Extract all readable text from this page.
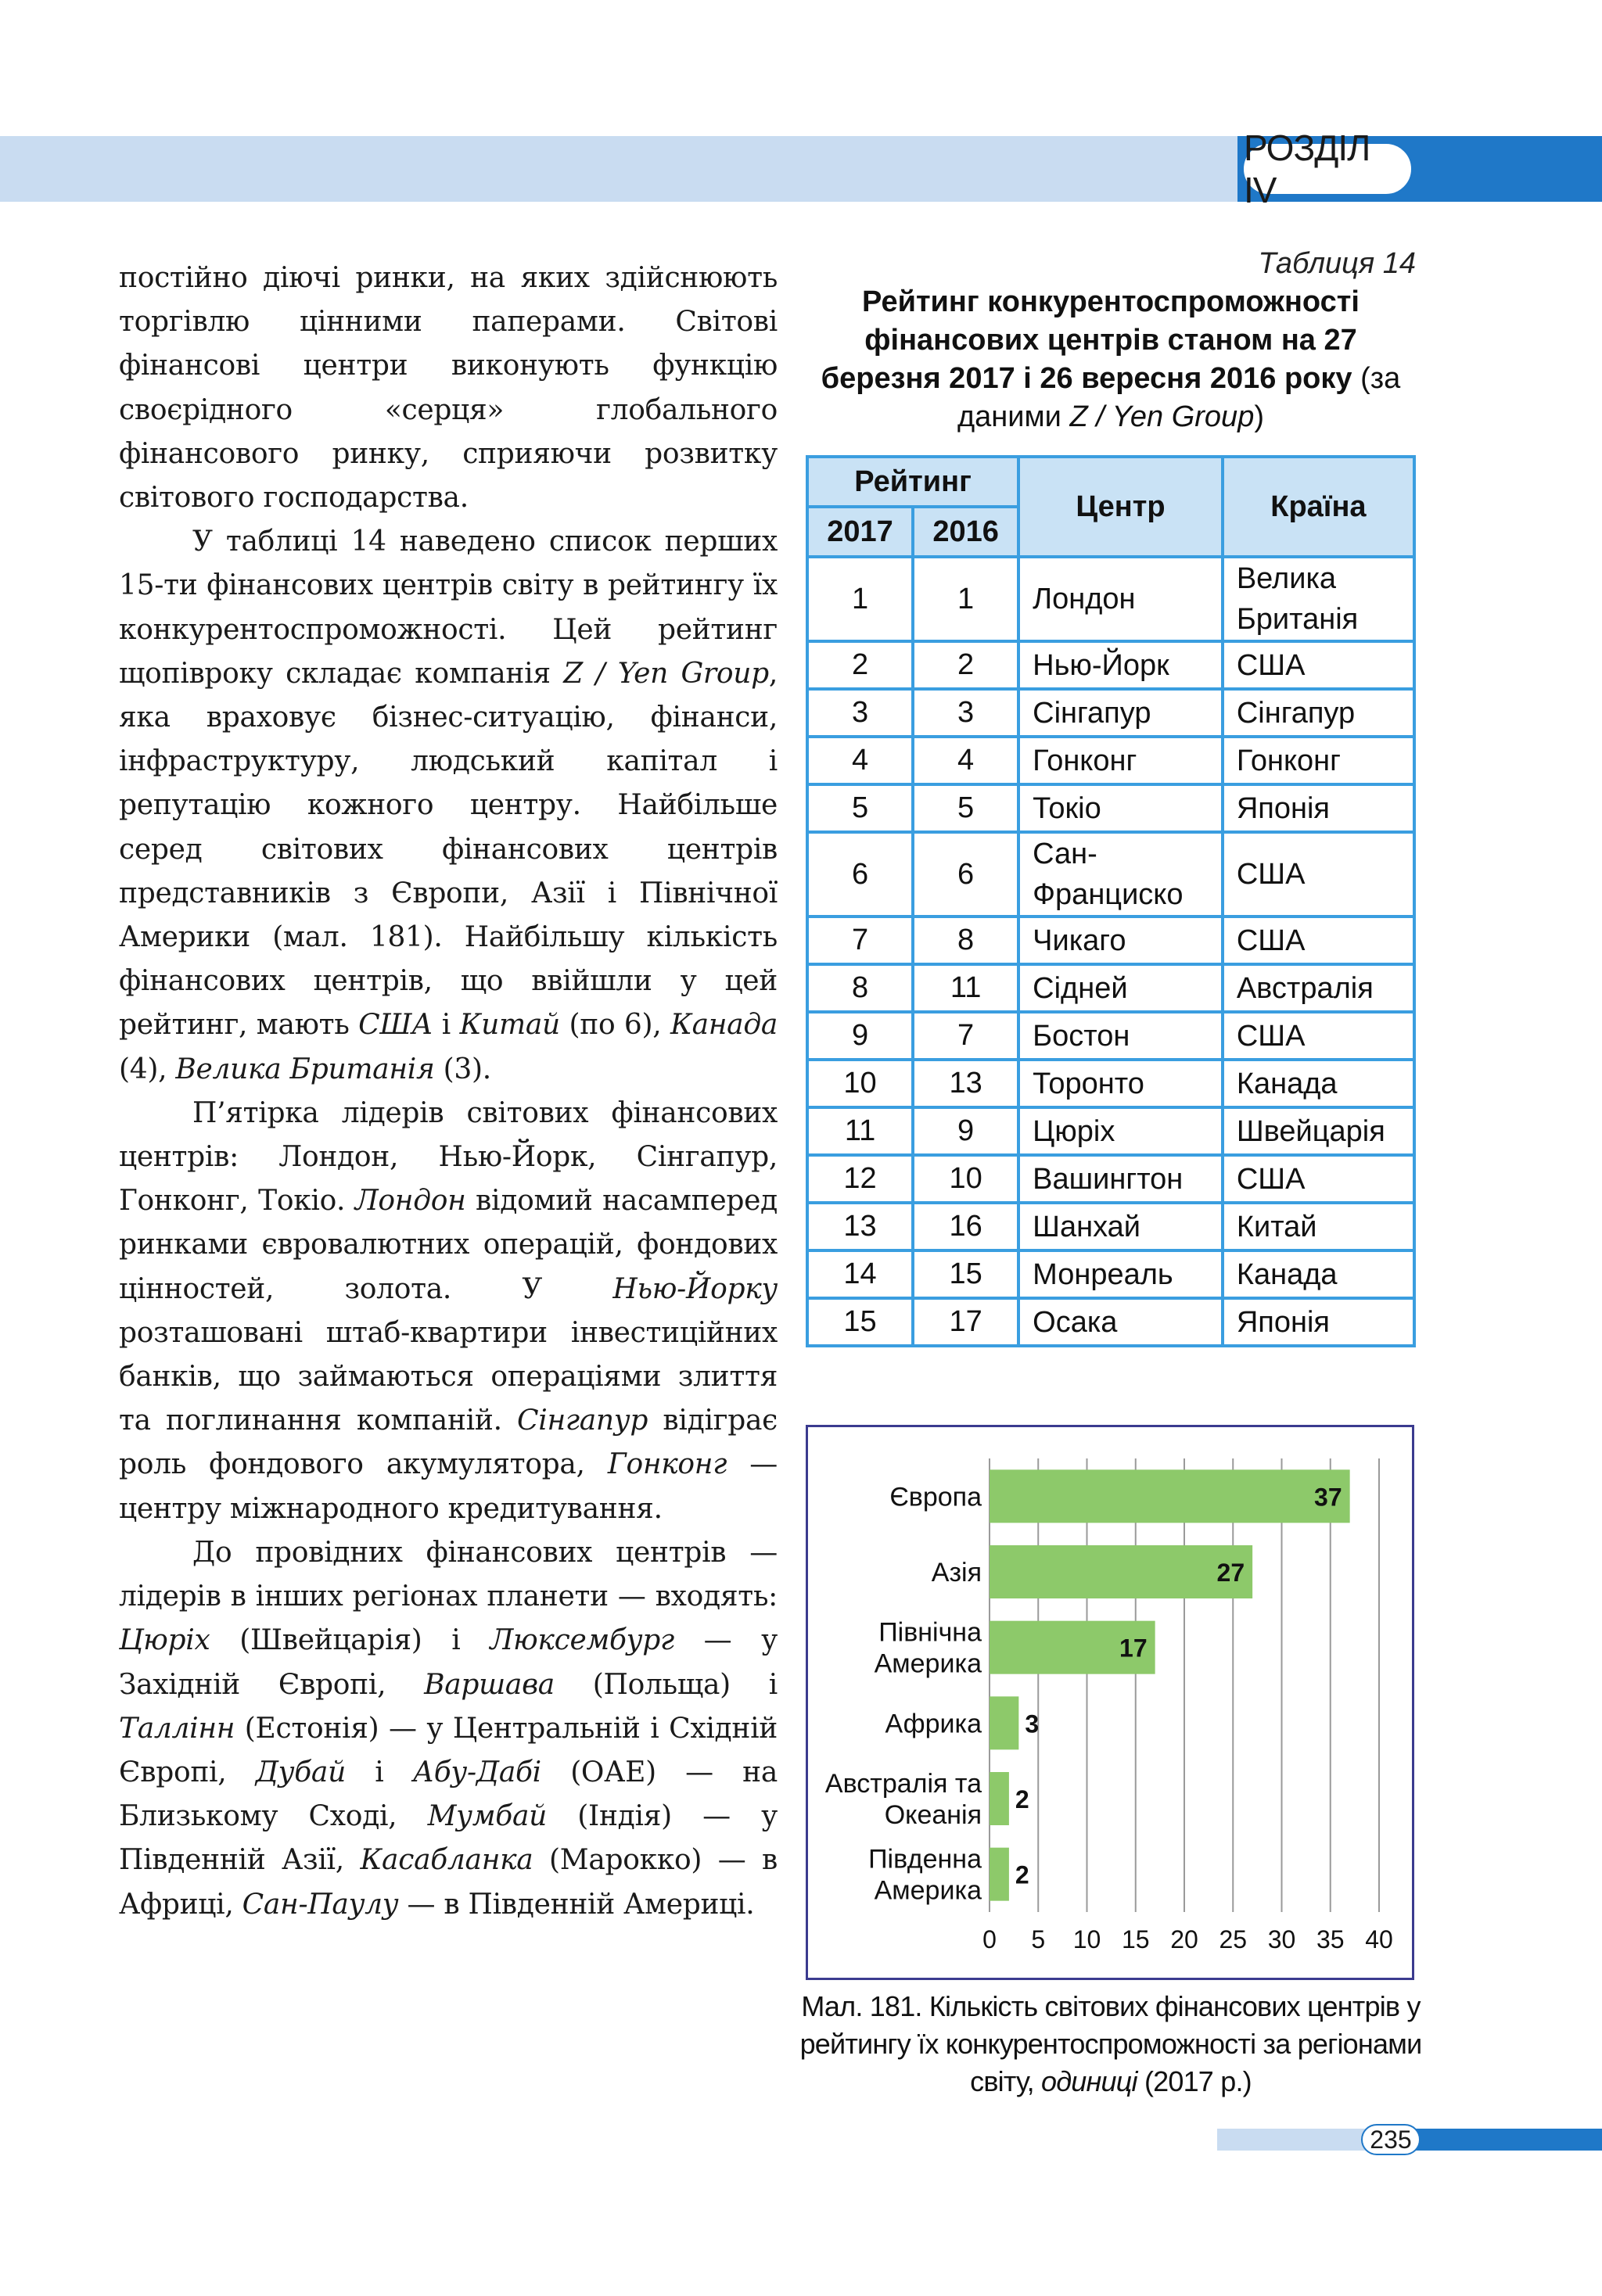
РОЗДІЛ IV

постійно діючі ринки, на яких здійснюють торгівлю цінними паперами. Світові фінансові центри виконують функцію своєрідного «серця» глобального фінансового ринку, сприяючи розвитку світового господарства.

У таблиці 14 наведено список перших 15-ти фінансових центрів світу в рейтингу їх конкурентоспроможності. Цей рейтинг щопівроку складає компанія Z / Yen Group, яка враховує бізнес-ситуацію, фінанси, інфраструктуру, людський капітал і репутацію кожного центру. Найбільше серед світових фінансових центрів представників з Європи, Азії і Північної Америки (мал. 181). Найбільшу кількість фінансових центрів, що ввійшли у цей рейтинг, мають США і Китай (по 6), Канада (4), Велика Британія (3).

П’ятірка лідерів світових фінансових центрів: Лондон, Нью-Йорк, Сінгапур, Гонконг, Токіо. Лондон відомий насамперед ринками євровалютних операцій, фондових цінностей, золота. У Нью-Йорку розташовані штаб-квартири інвестиційних банків, що займаються операціями злиття та поглинання компаній. Сінгапур відіграє роль фондового акумулятора, Гонконг — центру міжнародного кредитування.

До провідних фінансових центрів — лідерів в інших регіонах планети — входять: Цюріх (Швейцарія) і Люксембург — у Західній Європі, Варшава (Польща) і Таллінн (Естонія) — у Центральній і Східній Європі, Дубай і Абу-Дабі (ОАЕ) — на Близькому Сході, Мумбай (Індія) — у Південній Азії, Касабланка (Марокко) — в Африці, Сан-Паулу — в Південній Америці.

Таблиця 14
Рейтинг конкурентоспроможності фінансових центрів станом на 27 березня 2017 і 26 вересня 2016 року (за даними Z / Yen Group)
Рейтинг		Центр	Країна
2017	2016		
1	1	Лондон	Велика Британія
2	2	Нью-Йорк	США
3	3	Сінгапур	Сінгапур
4	4	Гонконг	Гонконг
5	5	Токіо	Японія
6	6	Сан-Франциско	США
7	8	Чикаго	США
8	11	Сідней	Австралія
9	7	Бостон	США
10	13	Торонто	Канада
11	9	Цюріх	Швейцарія
12	10	Вашингтон	США
13	16	Шанхай	Китай
14	15	Монреаль	Канада
15	17	Осака	Японія
0 5 10 15 20 25 30 35 40
37
Європа
27
Азія
17
Північна Америка
3
Африка
2
Австралія та Океанія
2
Південна Америка
Мал. 181. Кількість світових фінансових центрів у рейтингу їх конкурентоспроможності за регіонами світу, одиниці (2017 р.)
235
